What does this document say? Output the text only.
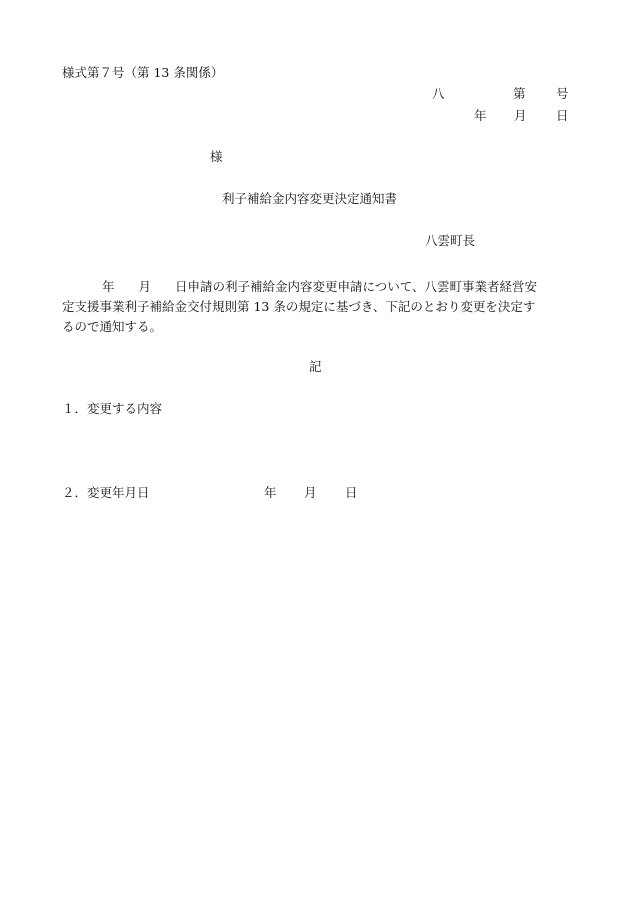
様式第７号（第 13 条関係）
八	第 号
年 月 日
様
利子補給金内容変更決定通知書
八雲町長
年 月 日申請の利子補給金内容変更申請について、八雲町事業者経営安
定支援事業利子補給金交付規則第 13 条の規定に基づき、下記のとおり変更を決定す
るので通知する。
記
１．変更する内容
２．変更年月日	年 月 日
